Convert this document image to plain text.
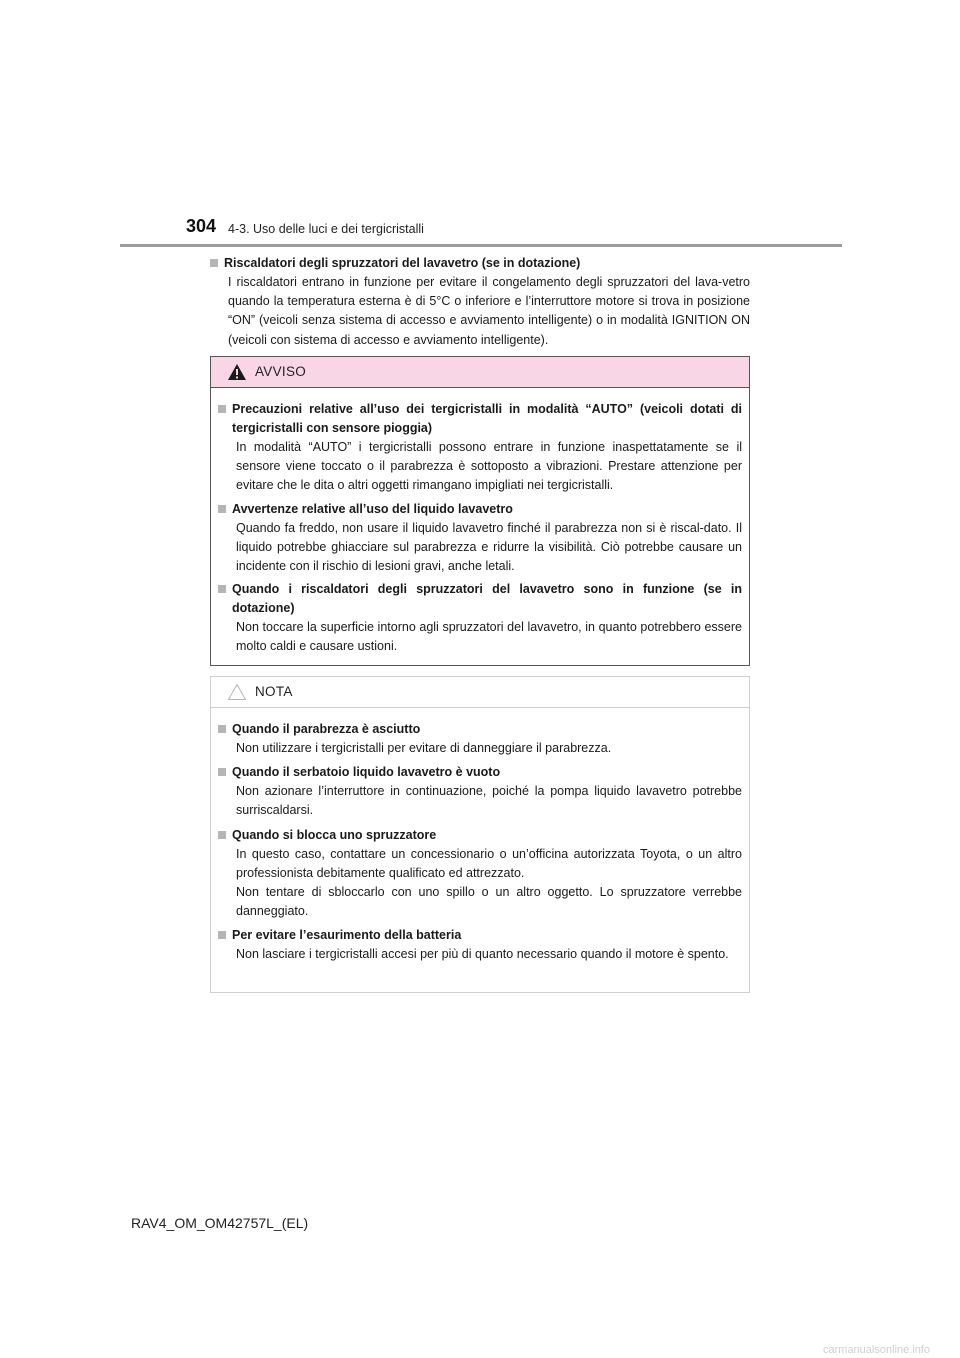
304 4-3. Uso delle luci e dei tergicristalli
Riscaldatori degli spruzzatori del lavavetro (se in dotazione)
I riscaldatori entrano in funzione per evitare il congelamento degli spruzzatori del lava-vetro quando la temperatura esterna è di 5°C o inferiore e l’interruttore motore si trova in posizione “ON” (veicoli senza sistema di accesso e avviamento intelligente) o in modalità IGNITION ON (veicoli con sistema di accesso e avviamento intelligente).
AVVISO
Precauzioni relative all’uso dei tergicristalli in modalità “AUTO” (veicoli dotati di tergicristalli con sensore pioggia)
In modalità “AUTO” i tergicristalli possono entrare in funzione inaspettatamente se il sensore viene toccato o il parabrezza è sottoposto a vibrazioni. Prestare attenzione per evitare che le dita o altri oggetti rimangano impigliati nei tergicristalli.
Avvertenze relative all’uso del liquido lavavetro
Quando fa freddo, non usare il liquido lavavetro finché il parabrezza non si è riscal-dato. Il liquido potrebbe ghiacciare sul parabrezza e ridurre la visibilità. Ciò potrebbe causare un incidente con il rischio di lesioni gravi, anche letali.
Quando i riscaldatori degli spruzzatori del lavavetro sono in funzione (se in dotazione)
Non toccare la superficie intorno agli spruzzatori del lavavetro, in quanto potrebbero essere molto caldi e causare ustioni.
NOTA
Quando il parabrezza è asciutto
Non utilizzare i tergicristalli per evitare di danneggiare il parabrezza.
Quando il serbatoio liquido lavavetro è vuoto
Non azionare l’interruttore in continuazione, poiché la pompa liquido lavavetro potrebbe surriscaldarsi.
Quando si blocca uno spruzzatore
In questo caso, contattare un concessionario o un’officina autorizzata Toyota, o un altro professionista debitamente qualificato ed attrezzato.
Non tentare di sbloccarlo con uno spillo o un altro oggetto. Lo spruzzatore verrebbe danneggiato.
Per evitare l’esaurimento della batteria
Non lasciare i tergicristalli accesi per più di quanto necessario quando il motore è spento.
RAV4_OM_OM42757L_(EL)
carmanualsonline.info
